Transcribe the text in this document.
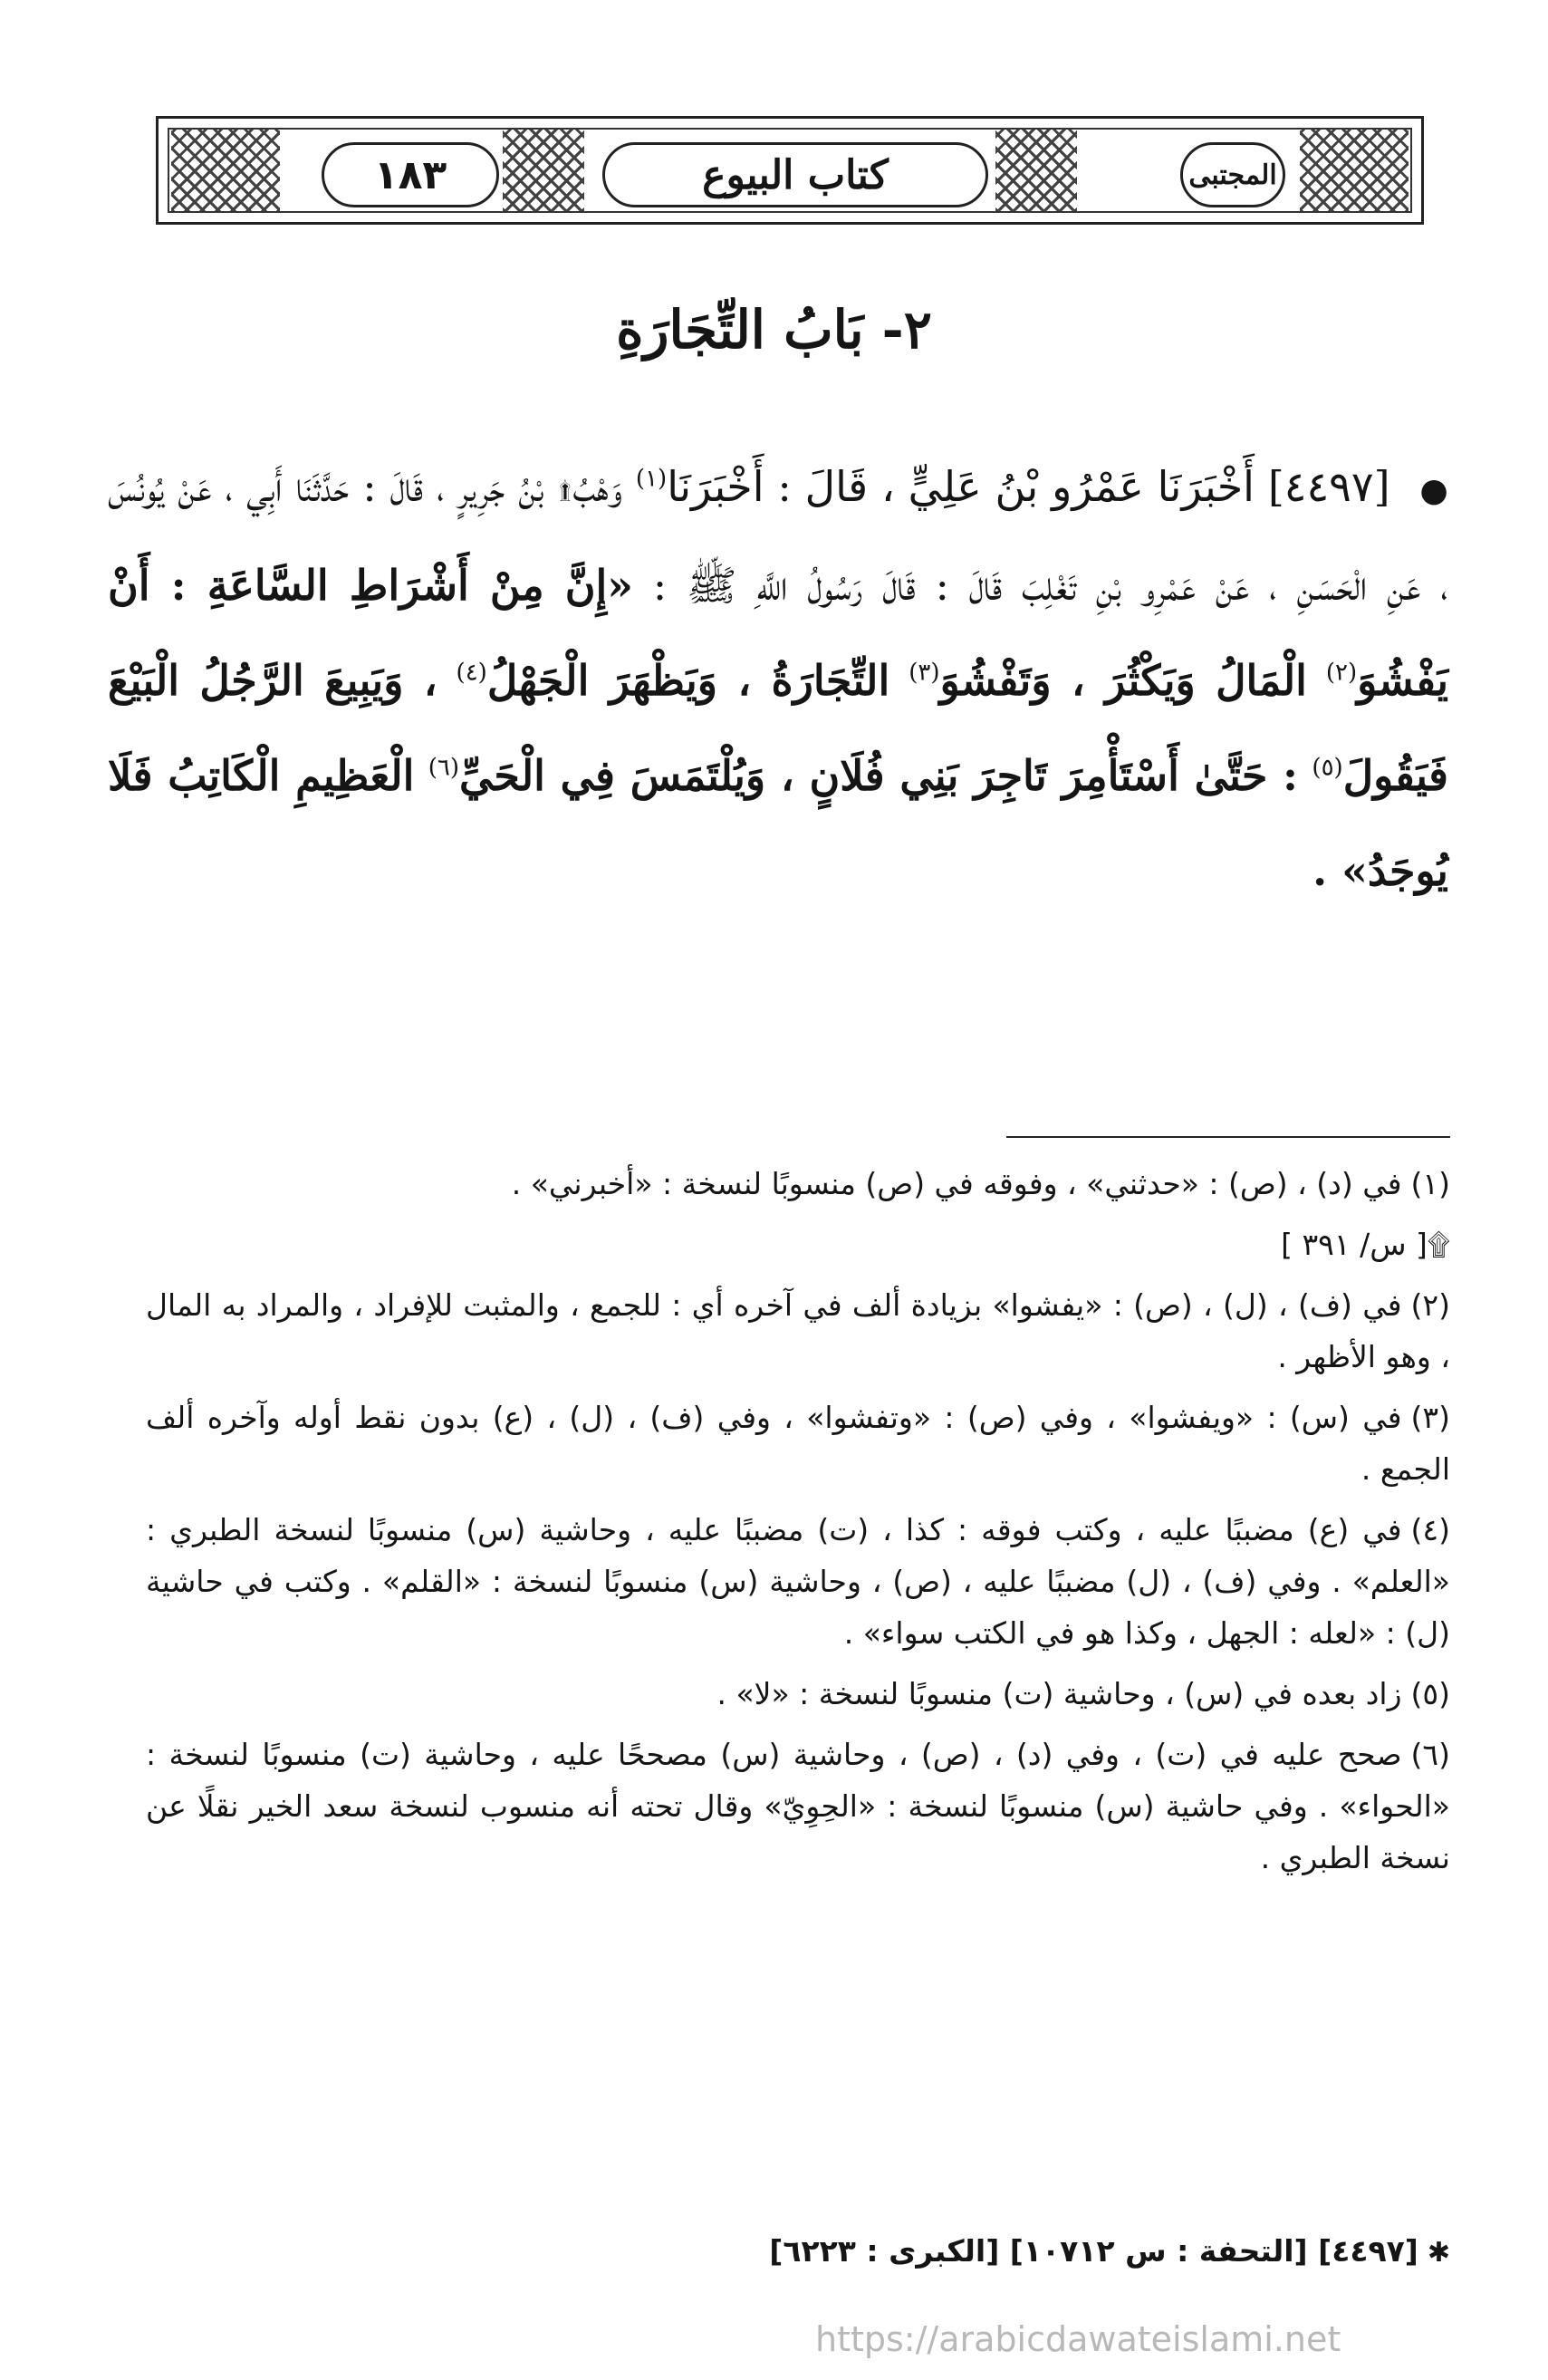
١٨٣	كتاب البيوع	المجتبى
٢- بَابُ التِّجَارَةِ

● [٤٤٩٧] أَخْبَرَنَا عَمْرُو بْنُ عَلِيٍّ ، قَالَ : أَخْبَرَنَا$^{(١)}$ وَهْبُ۩ بْنُ جَرِيرٍ ، قَالَ : حَدَّثَنَا أَبِي ، عَنْ يُونُسَ ، عَنِ الْحَسَنِ ، عَنْ عَمْرِو بْنِ تَغْلِبَ قَالَ : قَالَ رَسُولُ اللَّهِ ﷺ : «إِنَّ مِنْ أَشْرَاطِ السَّاعَةِ : أَنْ يَفْشُوَ$^{(٢)}$ الْمَالُ وَيَكْثُرَ ، وَتَفْشُوَ$^{(٣)}$ التِّجَارَةُ ، وَيَظْهَرَ الْجَهْلُ$^{(٤)}$ ، وَيَبِيعَ الرَّجُلُ الْبَيْعَ فَيَقُولَ$^{(٥)}$ : حَتَّىٰ أَسْتَأْمِرَ تَاجِرَ بَنِي فُلَانٍ ، وَيُلْتَمَسَ فِي الْحَيِّ$^{(٦)}$ الْعَظِيمِ الْكَاتِبُ فَلَا يُوجَدُ» .

(١)في (د) ، (ص) : «حدثني» ، وفوقه في (ص) منسوبًا لنسخة : «أخبرني» .

۩[ س/ ٣٩١ ]

(٢)في (ف) ، (ل) ، (ص) : «يفشوا» بزيادة ألف في آخره أي : للجمع ، والمثبت للإفراد ، والمراد به المال ، وهو الأظهر .

(٣)في (س) : «ويفشوا» ، وفي (ص) : «وتفشوا» ، وفي (ف) ، (ل) ، (ع) بدون نقط أوله وآخره ألف الجمع .

(٤)في (ع) مضببًا عليه ، وكتب فوقه : كذا ، (ت) مضببًا عليه ، وحاشية (س) منسوبًا لنسخة الطبري : «العلم» . وفي (ف) ، (ل) مضببًا عليه ، (ص) ، وحاشية (س) منسوبًا لنسخة : «القلم» . وكتب في حاشية (ل) : «لعله : الجهل ، وكذا هو في الكتب سواء» .

(٥)زاد بعده في (س) ، وحاشية (ت) منسوبًا لنسخة : «لا» .

(٦)صحح عليه في (ت) ، وفي (د) ، (ص) ، وحاشية (س) مصححًا عليه ، وحاشية (ت) منسوبًا لنسخة : «الحواء» . وفي حاشية (س) منسوبًا لنسخة : «الحِوِيّ» وقال تحته أنه منسوب لنسخة سعد الخير نقلًا عن نسخة الطبري .

✱[٤٤٩٧] [التحفة : س ١٠٧١٢] [الكبرى : ٦٢٢٣]
https://arabicdawateislami.net
